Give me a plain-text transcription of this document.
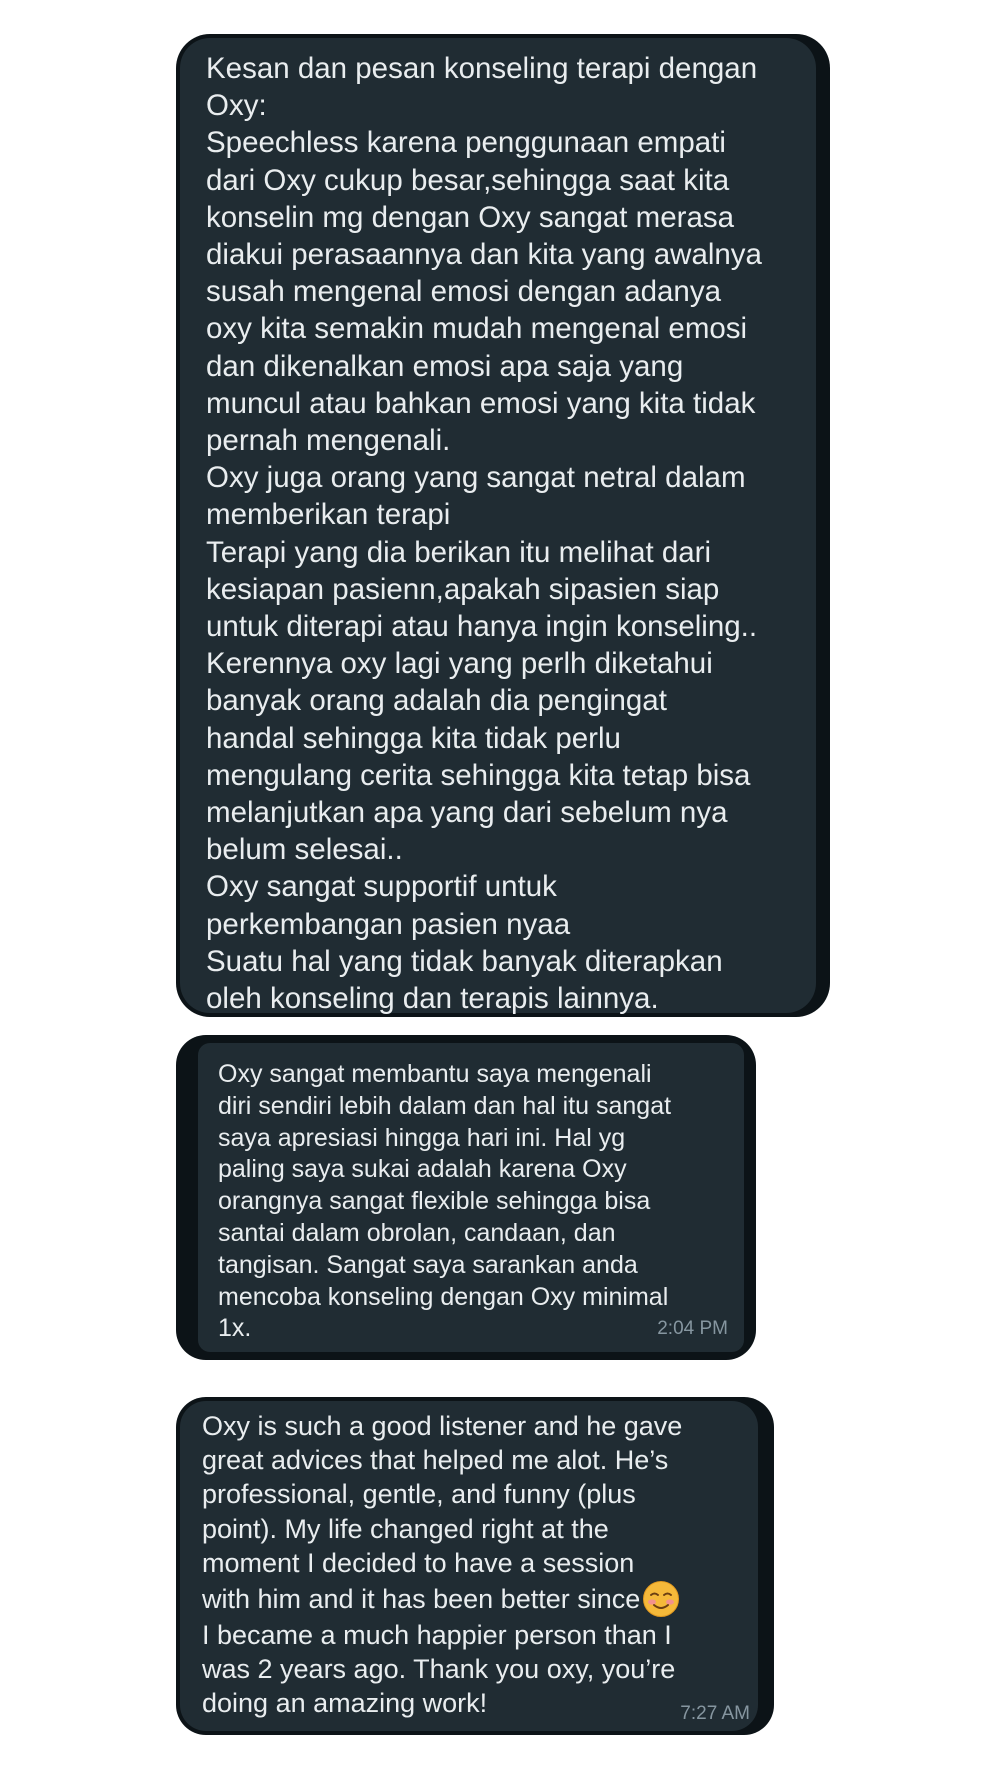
Kesan dan pesan konseling terapi dengan
Oxy:
Speechless karena penggunaan empati
dari Oxy cukup besar,sehingga saat kita
konselin mg dengan Oxy sangat merasa
diakui perasaannya dan kita yang awalnya
susah mengenal emosi dengan adanya
oxy kita semakin mudah mengenal emosi
dan dikenalkan emosi apa saja yang
muncul atau bahkan emosi yang kita tidak
pernah mengenali.
Oxy juga orang yang sangat netral dalam
memberikan terapi
Terapi yang dia berikan itu melihat dari
kesiapan pasienn,apakah sipasien siap
untuk diterapi atau hanya ingin konseling..
Kerennya oxy lagi yang perlh diketahui
banyak orang adalah dia pengingat
handal sehingga kita tidak perlu
mengulang cerita sehingga kita tetap bisa
melanjutkan apa yang dari sebelum nya
belum selesai..
Oxy sangat supportif untuk
perkembangan pasien nyaa
Suatu hal yang tidak banyak diterapkan
oleh konseling dan terapis lainnya.

Oxy sangat membantu saya mengenali
diri sendiri lebih dalam dan hal itu sangat
saya apresiasi hingga hari ini. Hal yg
paling saya sukai adalah karena Oxy
orangnya sangat flexible sehingga bisa
santai dalam obrolan, candaan, dan
tangisan. Sangat saya sarankan anda
mencoba konseling dengan Oxy minimal
1x.	2:04 PM

Oxy is such a good listener and he gave
great advices that helped me alot. He’s
professional, gentle, and funny (plus
point). My life changed right at the
moment I decided to have a session
with him and it has been better since
I became a much happier person than I
was 2 years ago. Thank you oxy, you’re
doing an amazing work!	7:27 AM
